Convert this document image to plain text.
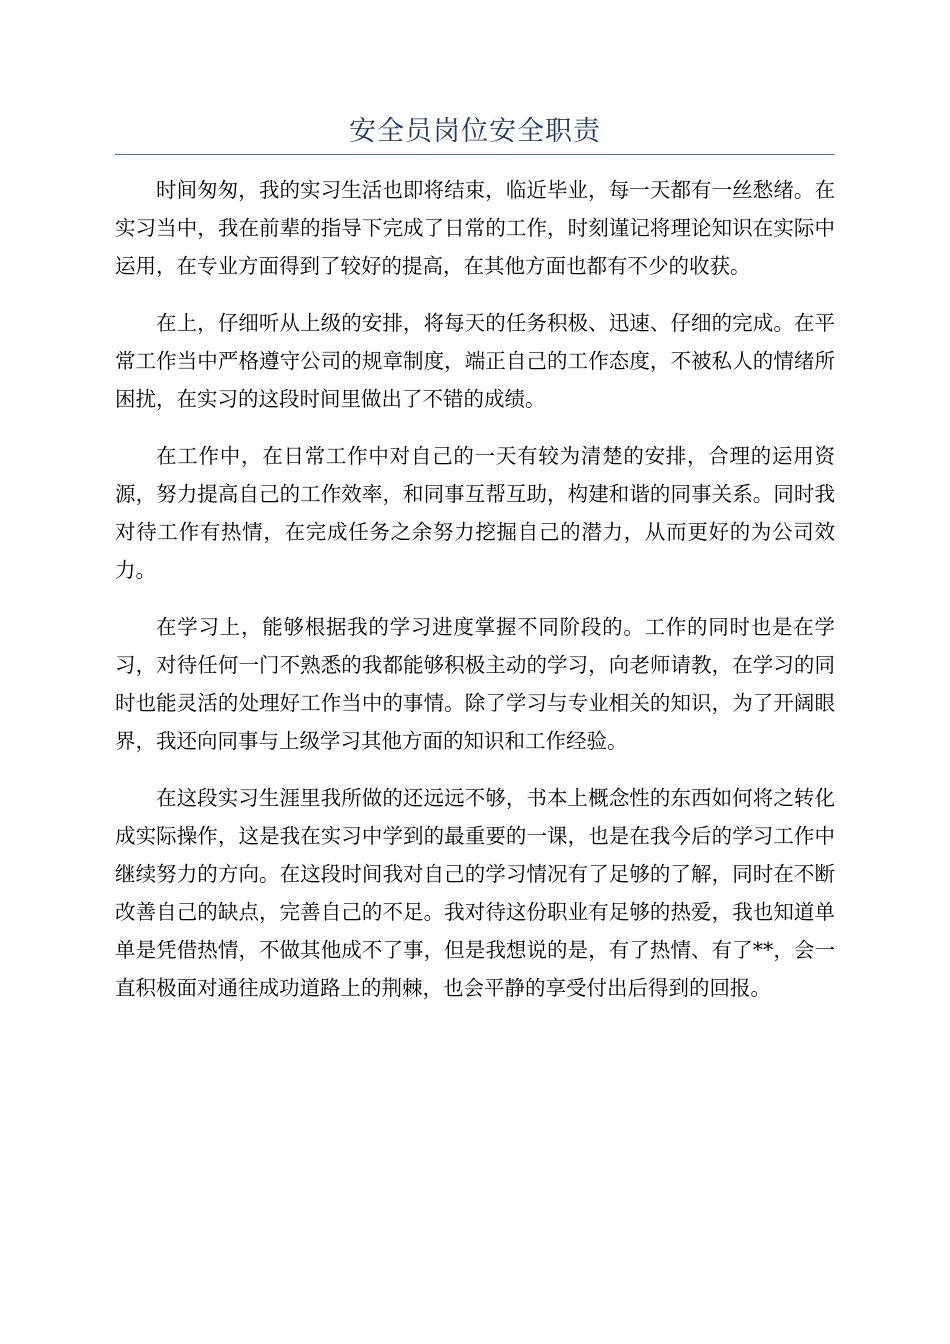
安全员岗位安全职责

时间匆匆，我的实习生活也即将结束，临近毕业，每一天都有一丝愁绪。在实习当中，我在前辈的指导下完成了日常的工作，时刻谨记将理论知识在实际中运用，在专业方面得到了较好的提高，在其他方面也都有不少的收获。

在上，仔细听从上级的安排，将每天的任务积极、迅速、仔细的完成。在平常工作当中严格遵守公司的规章制度，端正自己的工作态度，不被私人的情绪所困扰，在实习的这段时间里做出了不错的成绩。

在工作中，在日常工作中对自己的一天有较为清楚的安排，合理的运用资源，努力提高自己的工作效率，和同事互帮互助，构建和谐的同事关系。同时我对待工作有热情，在完成任务之余努力挖掘自己的潜力，从而更好的为公司效力。

在学习上，能够根据我的学习进度掌握不同阶段的。工作的同时也是在学习，对待任何一门不熟悉的我都能够积极主动的学习，向老师请教，在学习的同时也能灵活的处理好工作当中的事情。除了学习与专业相关的知识，为了开阔眼界，我还向同事与上级学习其他方面的知识和工作经验。

在这段实习生涯里我所做的还远远不够，书本上概念性的东西如何将之转化成实际操作，这是我在实习中学到的最重要的一课，也是在我今后的学习工作中继续努力的方向。在这段时间我对自己的学习情况有了足够的了解，同时在不断改善自己的缺点，完善自己的不足。我对待这份职业有足够的热爱，我也知道单单是凭借热情，不做其他成不了事，但是我想说的是，有了热情、有了**，会一直积极面对通往成功道路上的荆棘，也会平静的享受付出后得到的回报。
